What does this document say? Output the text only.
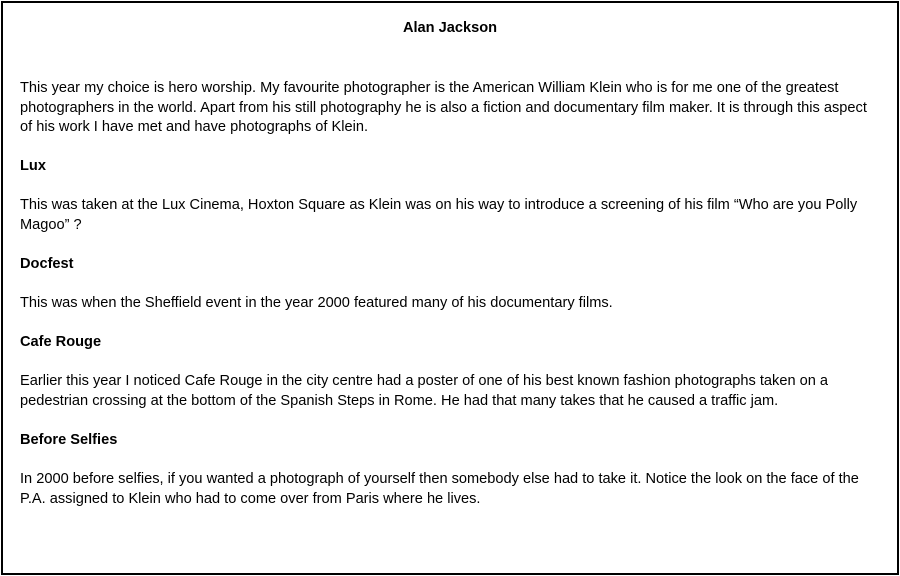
Alan Jackson

This year my choice is hero worship. My favourite photographer is the American William Klein who is for me one of the greatest photographers in the world. Apart from his still photography he is also a fiction and documentary film maker. It is through this aspect of his work I have met and have photographs of Klein.

Lux

This was taken at the Lux Cinema, Hoxton Square as Klein was on his way to introduce a screening of his film “Who are you Polly Magoo” ?

Docfest

This was when the Sheffield event in the year 2000 featured many of his documentary films.

Cafe Rouge

Earlier this year I noticed Cafe Rouge in the city centre had a poster of one of his best known fashion photographs taken on a pedestrian crossing at the bottom of the Spanish Steps in Rome. He had that many takes that he caused a traffic jam.

Before Selfies

In 2000 before selfies, if you wanted a photograph of yourself then somebody else had to take it. Notice the look on the face of the P.A. assigned to Klein who had to come over from Paris where he lives.
